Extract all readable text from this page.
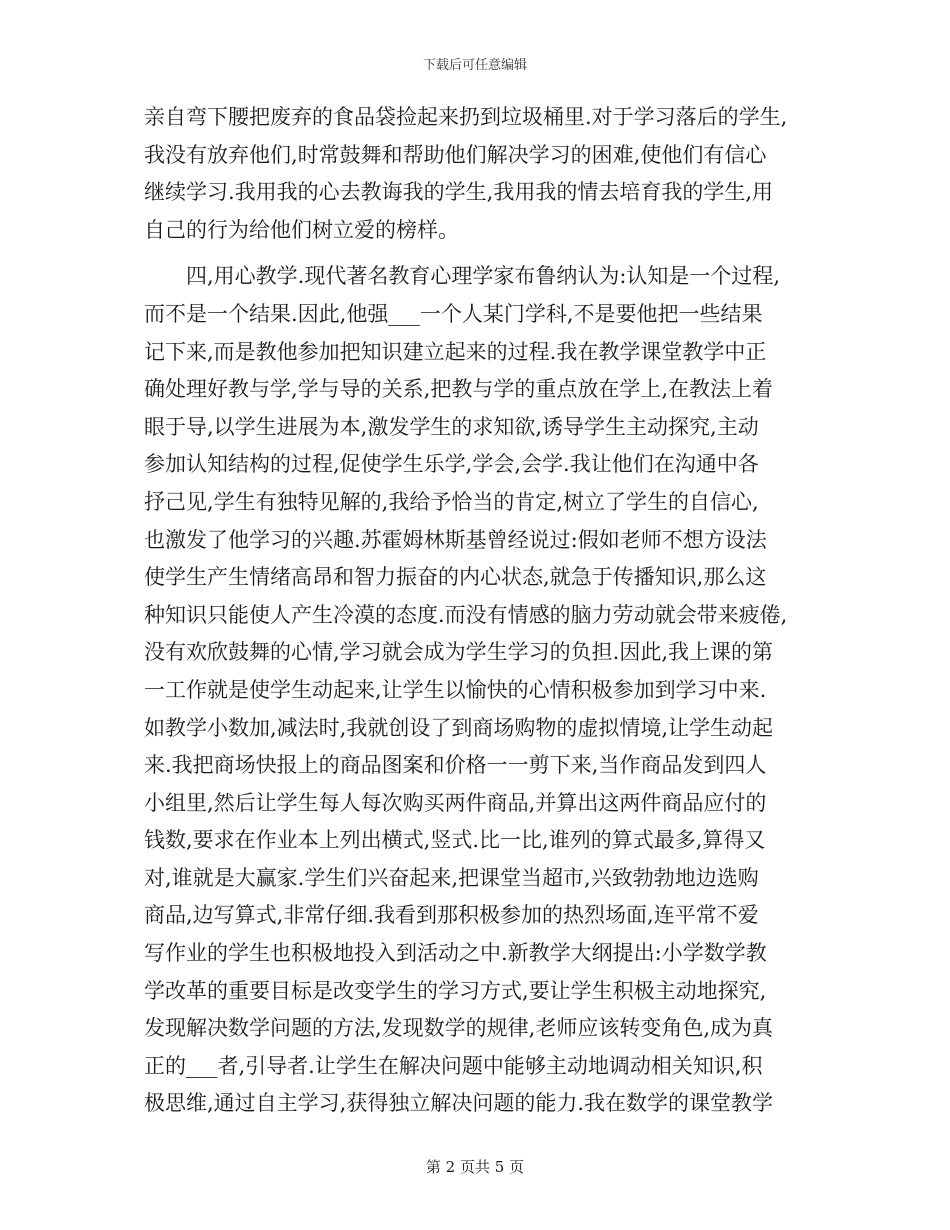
下载后可任意编辑
亲自弯下腰把废弃的食品袋捡起来扔到垃圾桶里.对于学习落后的学生,
我没有放弃他们,时常鼓舞和帮助他们解决学习的困难,使他们有信心
继续学习.我用我的心去教诲我的学生,我用我的情去培育我的学生,用
自己的行为给他们树立爱的榜样。
四,用心教学.现代著名教育心理学家布鲁纳认为:认知是一个过程,
而不是一个结果.因此,他强___一个人某门学科,不是要他把一些结果
记下来,而是教他参加把知识建立起来的过程.我在教学课堂教学中正
确处理好教与学,学与导的关系,把教与学的重点放在学上,在教法上着
眼于导,以学生进展为本,激发学生的求知欲,诱导学生主动探究,主动
参加认知结构的过程,促使学生乐学,学会,会学.我让他们在沟通中各
抒己见,学生有独特见解的,我给予恰当的肯定,树立了学生的自信心,
也激发了他学习的兴趣.苏霍姆林斯基曾经说过:假如老师不想方设法
使学生产生情绪高昂和智力振奋的内心状态,就急于传播知识,那么这
种知识只能使人产生冷漠的态度.而没有情感的脑力劳动就会带来疲倦,
没有欢欣鼓舞的心情,学习就会成为学生学习的负担.因此,我上课的第
一工作就是使学生动起来,让学生以愉快的心情积极参加到学习中来.
如教学小数加,减法时,我就创设了到商场购物的虚拟情境,让学生动起
来.我把商场快报上的商品图案和价格一一剪下来,当作商品发到四人
小组里,然后让学生每人每次购买两件商品,并算出这两件商品应付的
钱数,要求在作业本上列出横式,竖式.比一比,谁列的算式最多,算得又
对,谁就是大赢家.学生们兴奋起来,把课堂当超市,兴致勃勃地边选购
商品,边写算式,非常仔细.我看到那积极参加的热烈场面,连平常不爱
写作业的学生也积极地投入到活动之中.新教学大纲提出:小学数学教
学改革的重要目标是改变学生的学习方式,要让学生积极主动地探究,
发现解决数学问题的方法,发现数学的规律,老师应该转变角色,成为真
正的___者,引导者.让学生在解决问题中能够主动地调动相关知识,积
极思维,通过自主学习,获得独立解决问题的能力.我在数学的课堂教学
第 2 页共 5 页
